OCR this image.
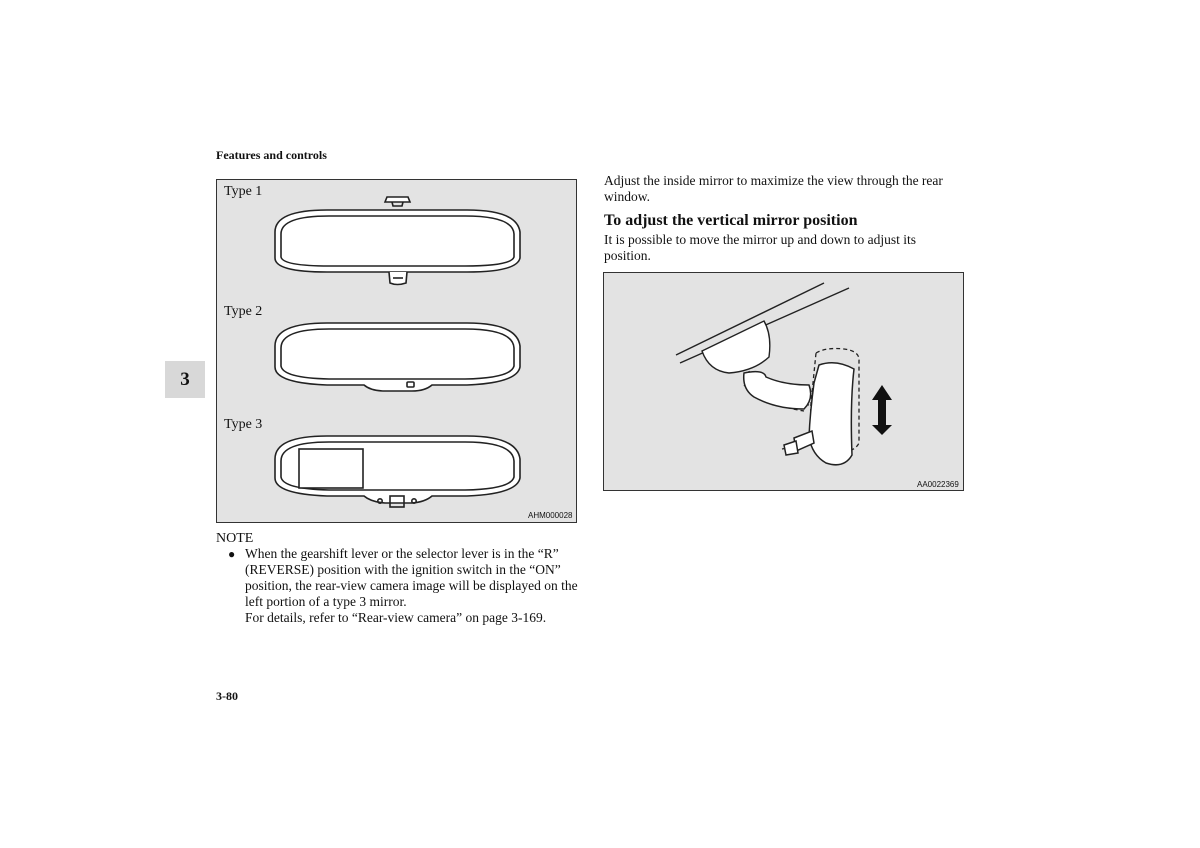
Features and controls
3
Type 1
Type 2
Type 3
AHM000028
NOTE
● When the gearshift lever or the selector lever is in the “R” (REVERSE) position with the ignition switch in the “ON” position, the rear-view camera image will be displayed on the left portion of a type 3 mirror.
For details, refer to “Rear-view camera” on page 3-169.
Adjust the inside mirror to maximize the view through the rear window.
To adjust the vertical mirror position
It is possible to move the mirror up and down to adjust its position.
AA0022369
3-80
